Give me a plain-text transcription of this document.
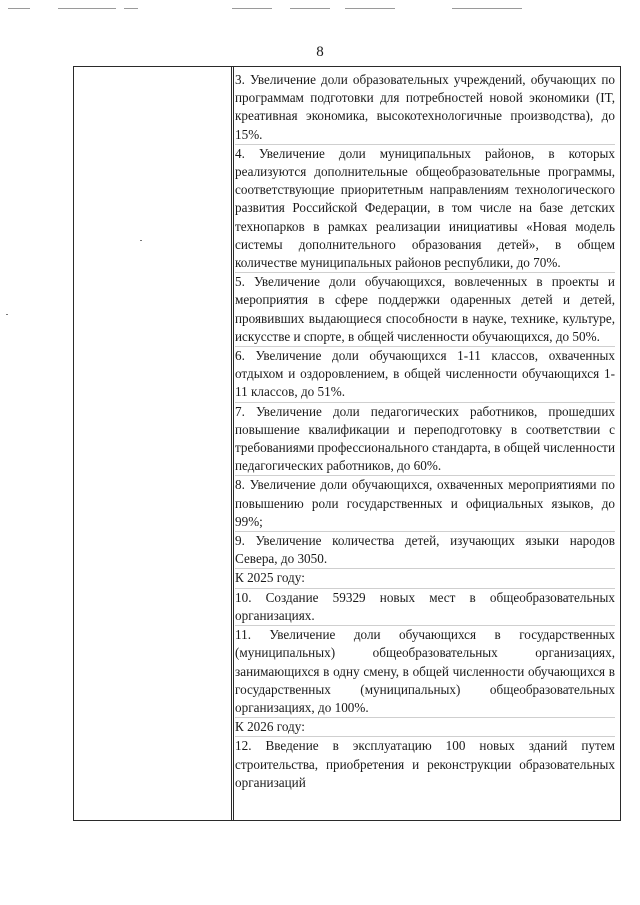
8

3. Увеличение доли образовательных учреждений, обучающих по программам подготовки для потребностей новой экономики (IT, креативная экономика, высокотехнологичные производства), до 15%.

4. Увеличение доли муниципальных районов, в которых реализуются дополнительные общеобразовательные программы, соответствующие приоритетным направлениям технологического развития Российской Федерации, в том числе на базе детских технопарков в рамках реализации инициативы «Новая модель системы дополнительного образования детей», в общем количестве муниципальных районов республики, до 70%.

5. Увеличение доли обучающихся, вовлеченных в проекты и мероприятия в сфере поддержки одаренных детей и детей, проявивших выдающиеся способности в науке, технике, культуре, искусстве и спорте, в общей численности обучающихся, до 50%.

6. Увеличение доли обучающихся 1-11 классов, охваченных отдыхом и оздоровлением, в общей численности обучающихся 1-11 классов, до 51%.

7. Увеличение доли педагогических работников, прошедших повышение квалификации и переподготовку в соответствии с требованиями профессионального стандарта, в общей численности педагогических работников, до 60%.

8. Увеличение доли обучающихся, охваченных мероприятиями по повышению роли государственных и официальных языков, до 99%;

9. Увеличение количества детей, изучающих языки народов Севера, до 3050.

К 2025 году:

10. Создание 59329 новых мест в общеобразовательных организациях.

11. Увеличение доли обучающихся в государственных (муниципальных) общеобразовательных организациях, занимающихся в одну смену, в общей численности обучающихся в государственных (муниципальных) общеобразовательных организациях, до 100%.

К 2026 году:

12. Введение в эксплуатацию 100 новых зданий путем строительства, приобретения и реконструкции образовательных организаций
